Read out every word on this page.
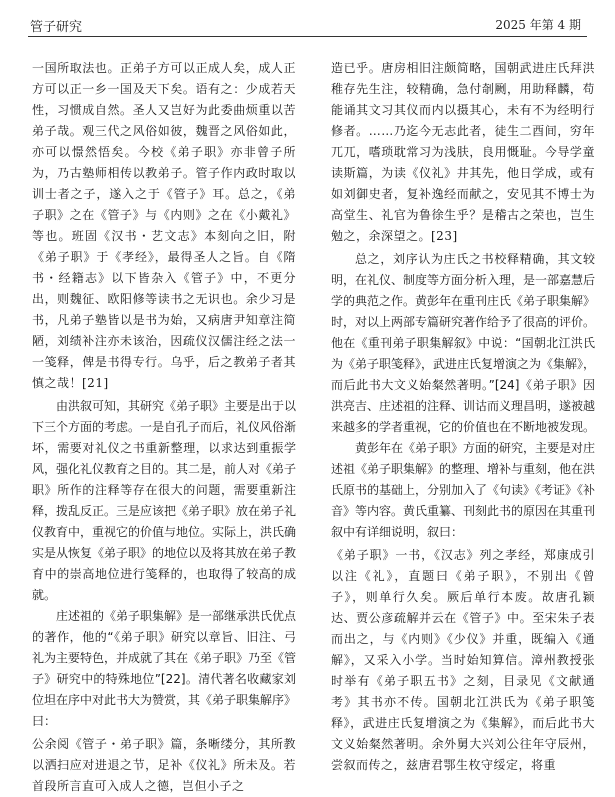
管子研究	2025 年第 4 期

一国所取法也。正弟子方可以正成人矣，成人正方可以正一乡一国及天下矣。语有之：少成若天性，习惯成自然。圣人又岂好为此委曲烦重以苦弟子哉。观三代之风俗如彼，魏晋之风俗如此，亦可以憬然悟矣。今校《弟子职》亦非曾子所为，乃古塾师相传以教弟子。管子作内政时取以训士者之子，遂入之于《管子》耳。总之，《弟子职》之在《管子》与《内则》之在《小戴礼》等也。班固《汉书・艺文志》本刻向之旧，附《弟子职》于《孝经》，最得圣人之旨。自《隋书・经籍志》以下皆杂入《管子》中，不更分出，则魏征、欧阳修等读书之无识也。余少习是书，凡弟子塾皆以是书为始，又病唐尹知章注简陋，刘绩补注亦未该治，因疏仪汉儒注经之法一一笺释，俾是书得专行。乌乎，后之教弟子者其慎之哉！[21]

由洪叙可知，其研究《弟子职》主要是出于以下三个方面的考虑。一是自孔子而后，礼仪风俗渐坏，需要对礼仪之书重新整理，以求达到重振学风，强化礼仪教育之目的。其二是，前人对《弟子职》所作的注释等存在很大的问题，需要重新注释，拨乱反正。三是应该把《弟子职》放在弟子礼仪教育中，重视它的价值与地位。实际上，洪氏确实是从恢复《弟子职》的地位以及将其放在弟子教育中的崇高地位进行笺释的，也取得了较高的成就。

庄述祖的《弟子职集解》是一部继承洪氏优点的著作，他的“《弟子职》研究以章旨、旧注、弓礼为主要特色，并成就了其在《弟子职》乃至《管子》研究中的特殊地位”[22]。清代著名收藏家刘位坦在序中对此书大为赞赏，其《弟子职集解序》曰：

公余阅《管子・弟子职》篇，条晰缕分，其所教以洒扫应对进退之节，足补《仪礼》所未及。若首段所言直可入成人之德，岂但小子之

造已乎。唐房相旧注颇简略，国朝武进庄氏拜洪稚存先生注，较精确，急付剞劂，用助释麟，苟能诵其文习其仪而内以摄其心，未有不为经明行修者。……乃迄今无志此者，徒生二酉间，穷年兀兀，嗜琐耽常习为浅肤，良用慨耻。今导学童读斯篇，为读《仪礼》井其先，他日学成，或有如刘御史者，复补逸经而献之，安见其不博士为高堂生、礼官为鲁徐生乎？是稽古之荣也，岂生勉之，余深望之。[23]

总之，刘序认为庄氏之书校释精确，其文较明，在礼仪、制度等方面分析入理，是一部嘉慧后学的典范之作。黄彭年在重刊庄氏《弟子职集解》时，对以上两部专篇研究著作给予了很高的评价。他在《重刊弟子职集解叙》中说：“国朝北江洪氏为《弟子职笺释》，武进庄氏复增演之为《集解》，而后此书大文义始粲然著明。”[24]《弟子职》因洪亮吉、庄述祖的注释、训诂而义理昌明，遂被越来越多的学者重视，它的价值也在不断地被发现。

黄彭年在《弟子职》方面的研究，主要是对庄述祖《弟子职集解》的整理、增补与重刻，他在洪氏原书的基础上，分别加入了《句读》《考证》《补音》等内容。黄氏重纂、刊刻此书的原因在其重刊叙中有详细说明，叙曰：

《弟子职》一书，《汉志》列之孝经，郑康成引以注《礼》，直题曰《弟子职》，不别出《曾子》，则单行久矣。厥后单行本废。故唐孔颖达、贾公彦疏解并云在《管子》中。至宋朱子表而出之，与《内则》《少仪》并重，既编入《通解》，又采入小学。当时始知算信。漳州教授张时举有《弟子职五书》之刻，目录见《文献通考》其书亦不传。国朝北江洪氏为《弟子职笺释》，武进庄氏复增演之为《集解》，而后此书大文义始粲然著明。余外舅大兴刘公往年守辰州，尝叙而传之，兹唐君鄂生枚守绥定，将重
